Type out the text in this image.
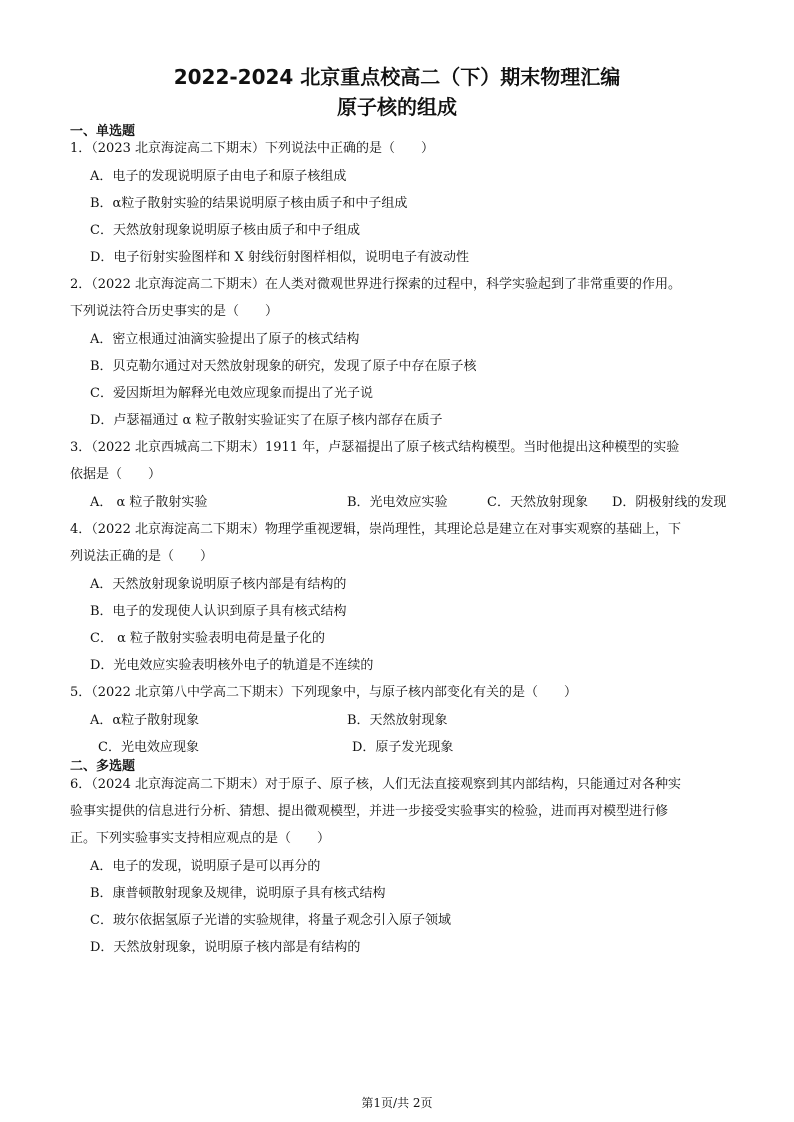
2022-2024 北京重点校高二（下）期末物理汇编
原子核的组成
一、单选题
1．（2023 北京海淀高二下期末）下列说法中正确的是（　　）
A．电子的发现说明原子由电子和原子核组成
B．α粒子散射实验的结果说明原子核由质子和中子组成
C．天然放射现象说明原子核由质子和中子组成
D．电子衍射实验图样和 X 射线衍射图样相似，说明电子有波动性
2．（2022 北京海淀高二下期末）在人类对微观世界进行探索的过程中，科学实验起到了非常重要的作用。
下列说法符合历史事实的是（　　）
A．密立根通过油滴实验提出了原子的核式结构
B．贝克勒尔通过对天然放射现象的研究，发现了原子中存在原子核
C．爱因斯坦为解释光电效应现象而提出了光子说
D．卢瑟福通过 α 粒子散射实验证实了在原子核内部存在质子
3．（2022 北京西城高二下期末）1911 年，卢瑟福提出了原子核式结构模型。当时他提出这种模型的实验
依据是（　　）
A． α 粒子散射实验	B．光电效应实验	C．天然放射现象 D．阴极射线的发现
4．（2022 北京海淀高二下期末）物理学重视逻辑，崇尚理性，其理论总是建立在对事实观察的基础上，下
列说法正确的是（　　）
A．天然放射现象说明原子核内部是有结构的
B．电子的发现使人认识到原子具有核式结构
C． α 粒子散射实验表明电荷是量子化的
D．光电效应实验表明核外电子的轨道是不连续的
5．（2022 北京第八中学高二下期末）下列现象中，与原子核内部变化有关的是（　　）
A．α粒子散射现象	B．天然放射现象
C．光电效应现象	D．原子发光现象
二、多选题
6．（2024 北京海淀高二下期末）对于原子、原子核，人们无法直接观察到其内部结构，只能通过对各种实
验事实提供的信息进行分析、猜想、提出微观模型，并进一步接受实验事实的检验，进而再对模型进行修
正。下列实验事实支持相应观点的是（　　）
A．电子的发现，说明原子是可以再分的
B．康普顿散射现象及规律，说明原子具有核式结构
C．玻尔依据氢原子光谱的实验规律，将量子观念引入原子领域
D．天然放射现象，说明原子核内部是有结构的
第1页/共 2页
